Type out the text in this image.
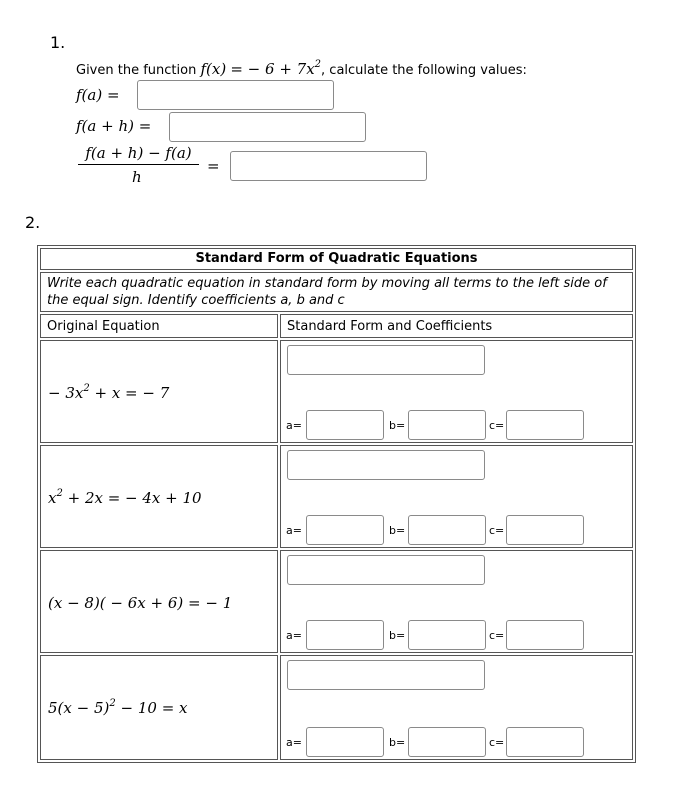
1.
Given the function f(x) = − $6 + 7x^2$, calculate the following values:
f(a) =
f(a + h) =
f(a + h) − f(a)
h
=
2.
Standard Form of Quadratic Equations
Write each quadratic equation in standard form by moving all terms to the left side of the equal sign. Identify coefficients a, b and c
Original Equation	Standard Form and Coefficients
− $3x^2 + x$ = − 7
a=	b=	c=
$x^2 + 2x$ = − 4x + 10
a=	b=	c=
(x − 8)( − 6x + 6) = − 1
a=	b=	c=
$5(x - 5)^2 - 10 = x$
a=	b=	c=
